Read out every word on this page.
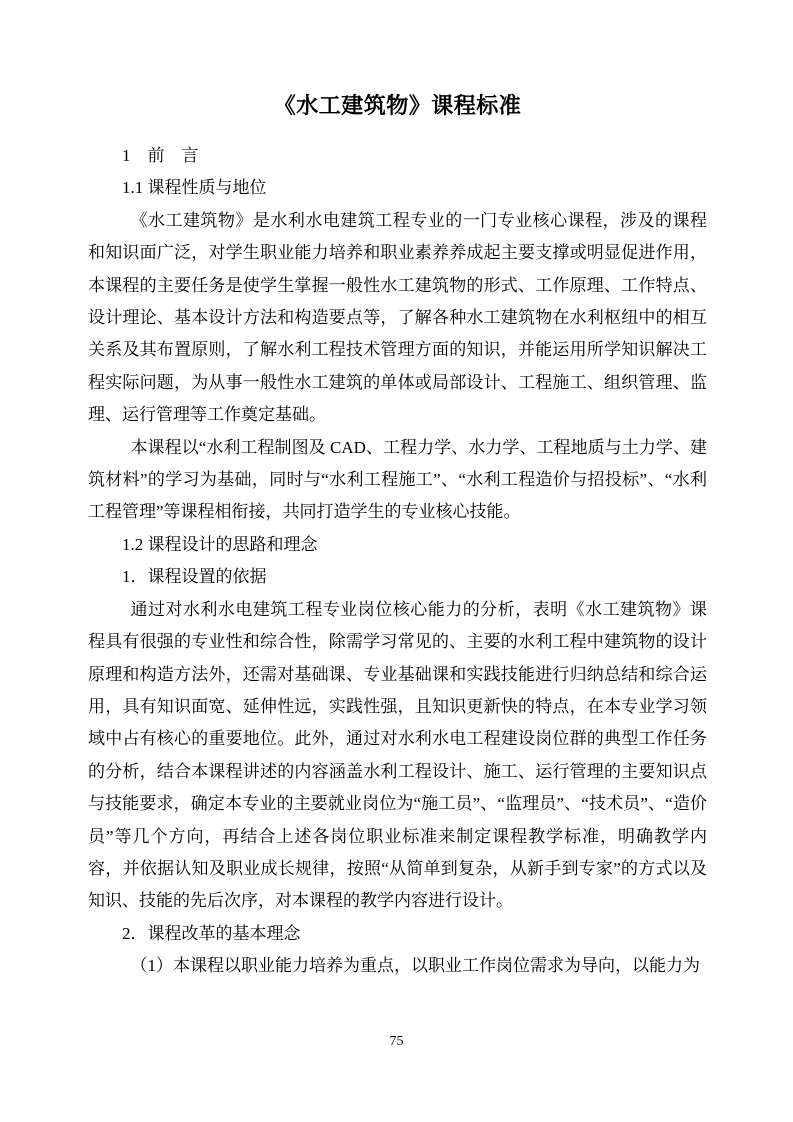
《水工建筑物》课程标准

1　前　言

1.1 课程性质与地位

《水工建筑物》是水利水电建筑工程专业的一门专业核心课程，涉及的课程和知识面广泛，对学生职业能力培养和职业素养养成起主要支撑或明显促进作用，本课程的主要任务是使学生掌握一般性水工建筑物的形式、工作原理、工作特点、设计理论、基本设计方法和构造要点等，了解各种水工建筑物在水利枢纽中的相互关系及其布置原则，了解水利工程技术管理方面的知识，并能运用所学知识解决工程实际问题，为从事一般性水工建筑的单体或局部设计、工程施工、组织管理、监理、运行管理等工作奠定基础。

本课程以“水利工程制图及 CAD、工程力学、水力学、工程地质与土力学、建筑材料”的学习为基础，同时与“水利工程施工”、“水利工程造价与招投标”、“水利工程管理”等课程相衔接，共同打造学生的专业核心技能。

1.2 课程设计的思路和理念

1．课程设置的依据

通过对水利水电建筑工程专业岗位核心能力的分析，表明《水工建筑物》课程具有很强的专业性和综合性，除需学习常见的、主要的水利工程中建筑物的设计原理和构造方法外，还需对基础课、专业基础课和实践技能进行归纳总结和综合运用，具有知识面宽、延伸性远，实践性强，且知识更新快的特点，在本专业学习领域中占有核心的重要地位。此外，通过对水利水电工程建设岗位群的典型工作任务的分析，结合本课程讲述的内容涵盖水利工程设计、施工、运行管理的主要知识点与技能要求，确定本专业的主要就业岗位为“施工员”、“监理员”、“技术员”、“造价员”等几个方向，再结合上述各岗位职业标准来制定课程教学标准，明确教学内容，并依据认知及职业成长规律，按照“从简单到复杂，从新手到专家”的方式以及知识、技能的先后次序，对本课程的教学内容进行设计。

2．课程改革的基本理念

（1）本课程以职业能力培养为重点，以职业工作岗位需求为导向，以能力为

75
